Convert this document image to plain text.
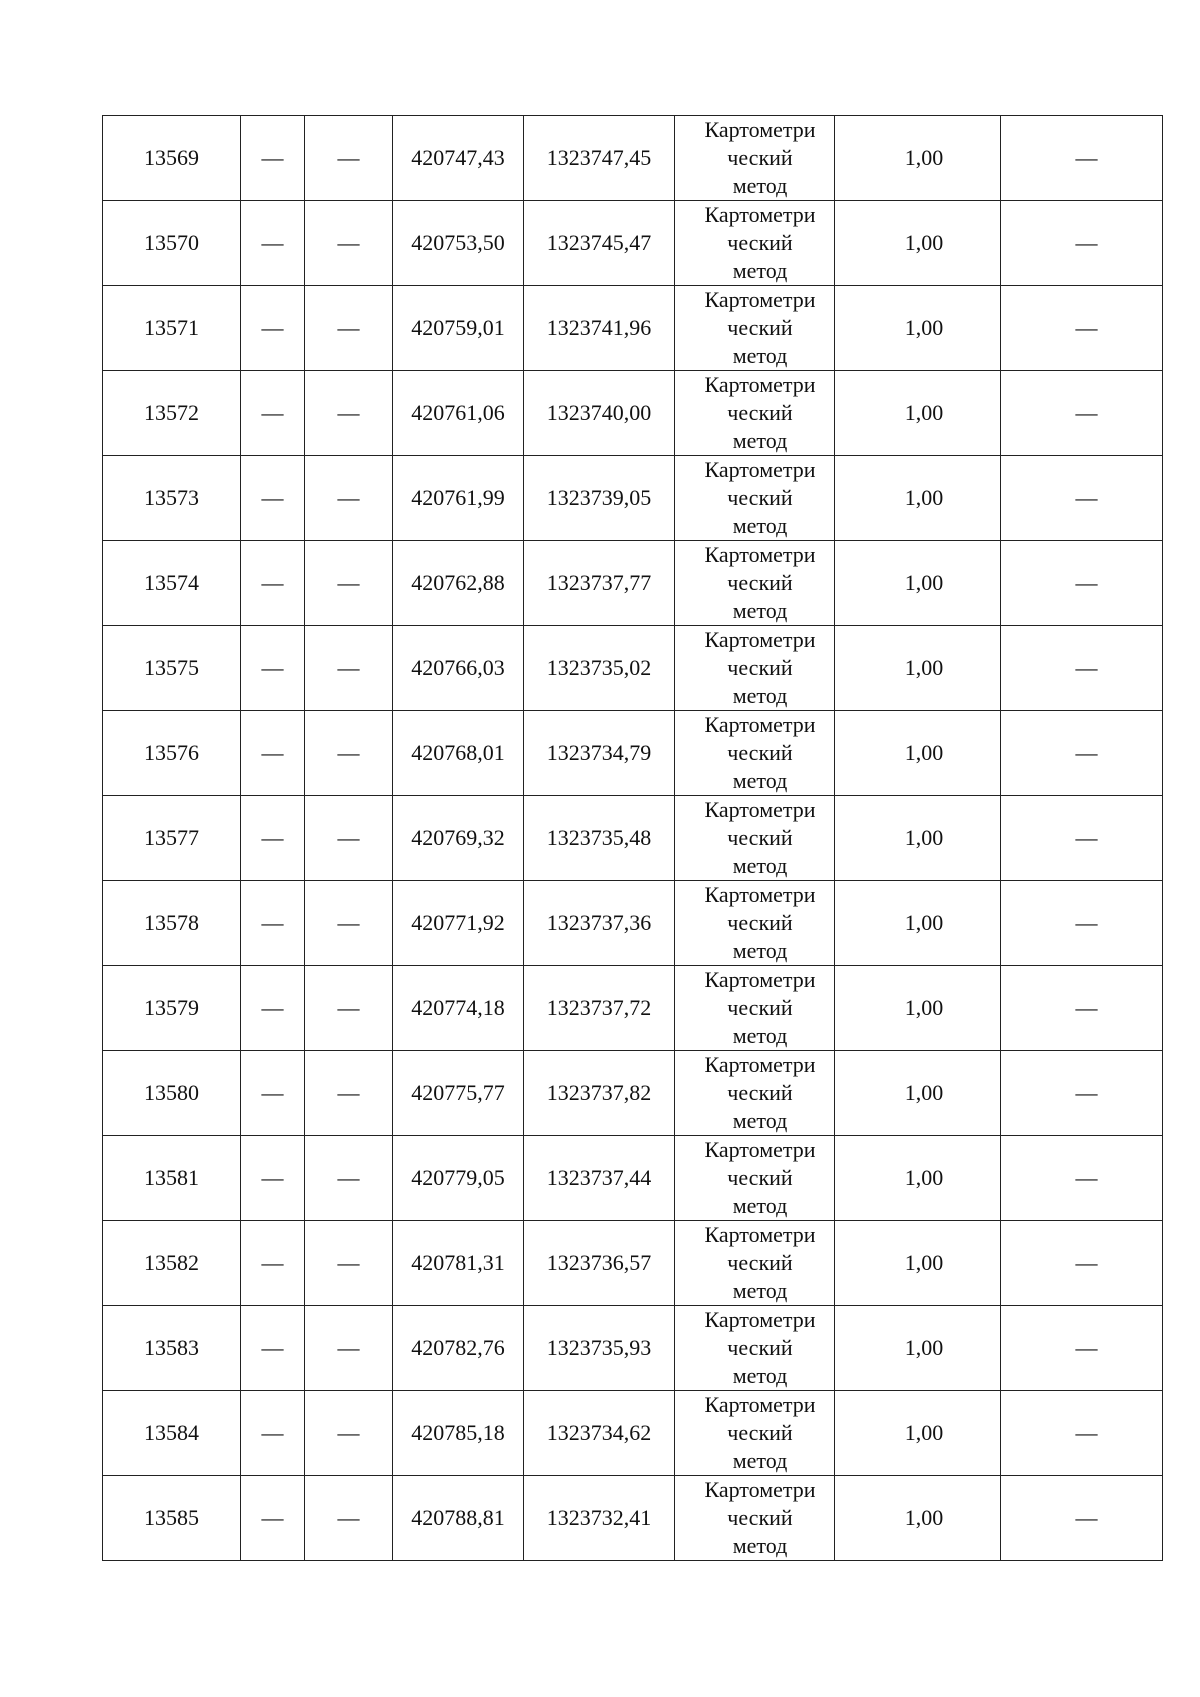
13569	—	—	420747,43	1323747,45	Картометри
ческий
метод	1,00	—
13570	—	—	420753,50	1323745,47	Картометри
ческий
метод	1,00	—
13571	—	—	420759,01	1323741,96	Картометри
ческий
метод	1,00	—
13572	—	—	420761,06	1323740,00	Картометри
ческий
метод	1,00	—
13573	—	—	420761,99	1323739,05	Картометри
ческий
метод	1,00	—
13574	—	—	420762,88	1323737,77	Картометри
ческий
метод	1,00	—
13575	—	—	420766,03	1323735,02	Картометри
ческий
метод	1,00	—
13576	—	—	420768,01	1323734,79	Картометри
ческий
метод	1,00	—
13577	—	—	420769,32	1323735,48	Картометри
ческий
метод	1,00	—
13578	—	—	420771,92	1323737,36	Картометри
ческий
метод	1,00	—
13579	—	—	420774,18	1323737,72	Картометри
ческий
метод	1,00	—
13580	—	—	420775,77	1323737,82	Картометри
ческий
метод	1,00	—
13581	—	—	420779,05	1323737,44	Картометри
ческий
метод	1,00	—
13582	—	—	420781,31	1323736,57	Картометри
ческий
метод	1,00	—
13583	—	—	420782,76	1323735,93	Картометри
ческий
метод	1,00	—
13584	—	—	420785,18	1323734,62	Картометри
ческий
метод	1,00	—
13585	—	—	420788,81	1323732,41	Картометри
ческий
метод	1,00	—
